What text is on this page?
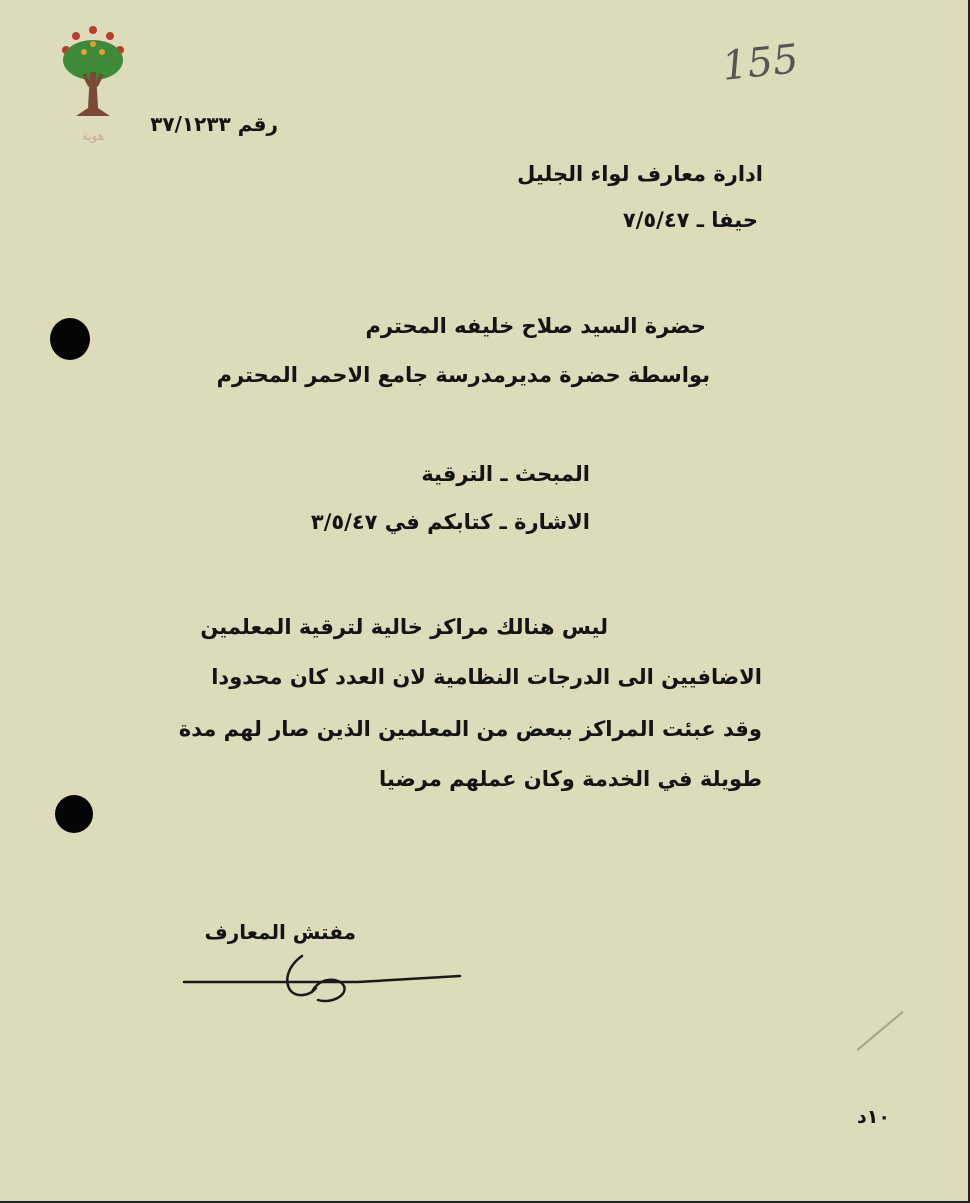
هوية
155
رقم ٣٧/١٢٣٣
ادارة معارف لواء الجليل
حيفا ـ ٧/٥/٤٧
حضرة السيد صلاح خليفه المحترم
بواسطة حضرة مديرمدرسة جامع الاحمر المحترم
المبحث ـ الترقية
الاشارة ـ كتابكم في ٣/٥/٤٧
ليس هنالك مراكز خالية لترقية المعلمين
الاضافيين الى الدرجات النظامية لان العدد كان محدودا
وقد عبئت المراكز ببعض من المعلمين الذين صار لهم مدة
طويلة في الخدمة وكان عملهم مرضيا
مفتش المعارف
١٠د
